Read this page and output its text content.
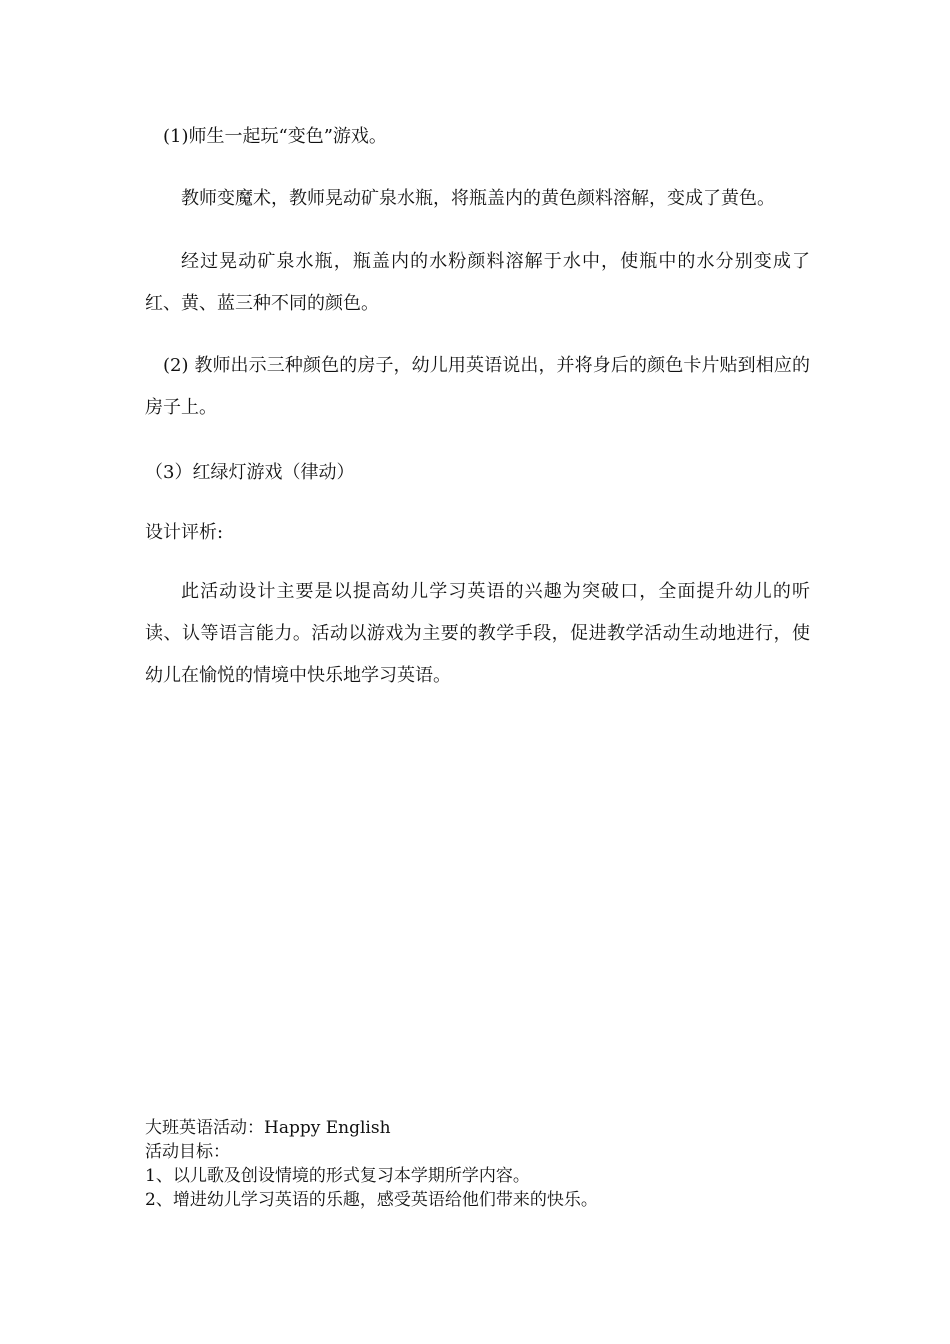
(1)师生一起玩“变色”游戏。
教师变魔术，教师晃动矿泉水瓶，将瓶盖内的黄色颜料溶解，变成了黄色。
经过晃动矿泉水瓶，瓶盖内的水粉颜料溶解于水中，使瓶中的水分别变成了红、黄、蓝三种不同的颜色。
(2) 教师出示三种颜色的房子，幼儿用英语说出，并将身后的颜色卡片贴到相应的房子上。
（3）红绿灯游戏（律动）
设计评析:
此活动设计主要是以提高幼儿学习英语的兴趣为突破口，全面提升幼儿的听读、认等语言能力。活动以游戏为主要的教学手段，促进教学活动生动地进行，使幼儿在愉悦的情境中快乐地学习英语。
大班英语活动：Happy English
活动目标：
1、以儿歌及创设情境的形式复习本学期所学内容。
2、增进幼儿学习英语的乐趣，感受英语给他们带来的快乐。
